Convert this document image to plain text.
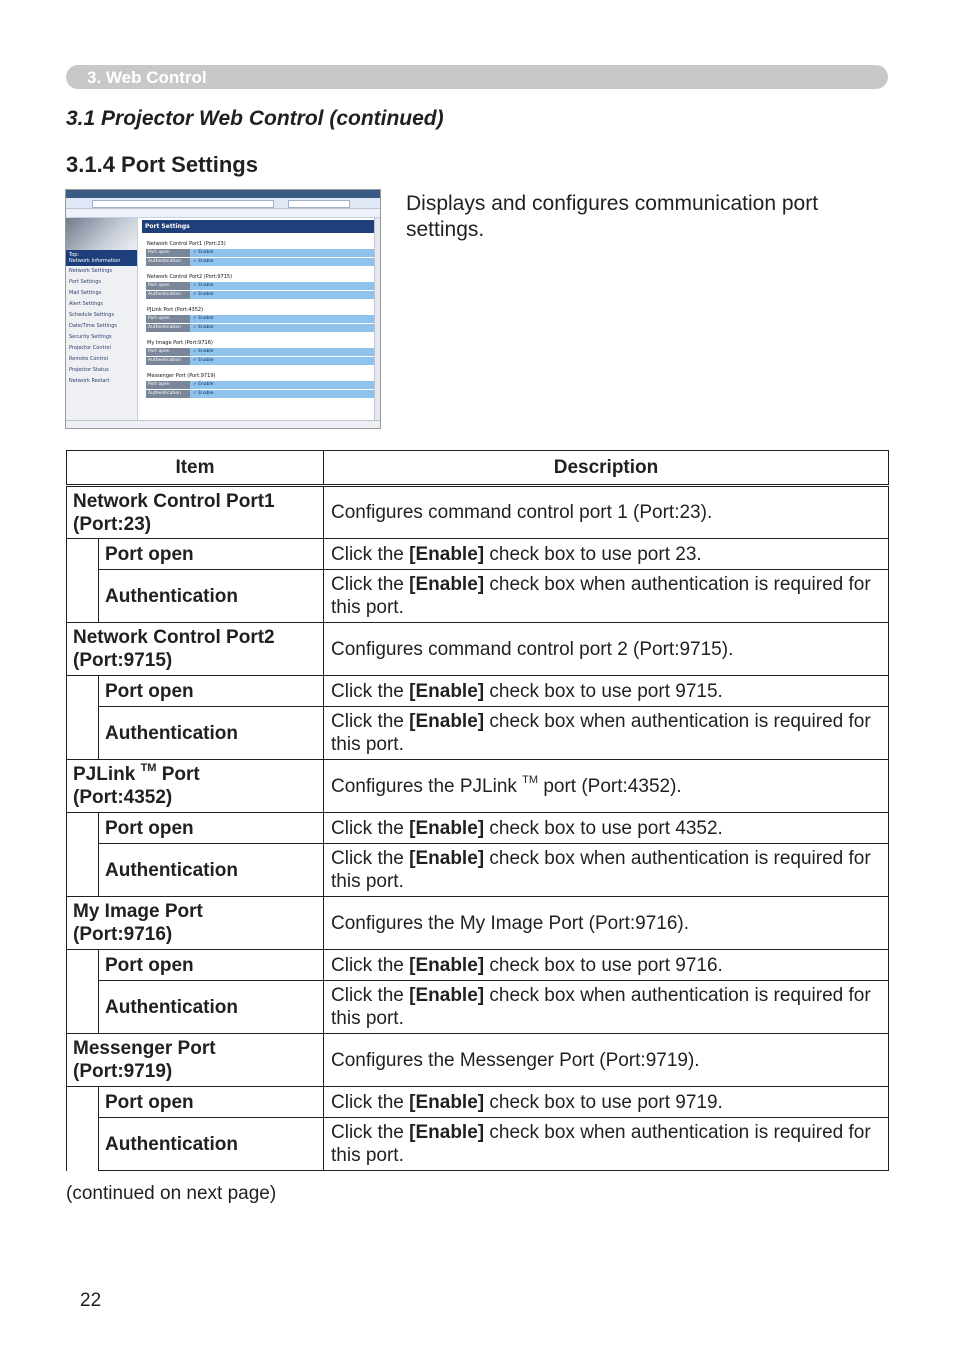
3. Web Control
3.1 Projector Web Control (continued)
3.1.4 Port Settings
Top:
Network Information
Network Settings
Port Settings
Mail Settings
Alert Settings
Schedule Settings
Date/Time Settings
Security Settings
Projector Control
Remote Control
Projector Status
Network Restart
Port Settings
Network Control Port1 (Port:23)
Port open	✓ Enable
Authentication	✓ Enable
Network Control Port2 (Port:9715)
Port open	✓ Enable
Authentication	✓ Enable
PJLink Port (Port:4352)
Port open	✓ Enable
Authentication	✓ Enable
My Image Port (Port:9716)
Port open	✓ Enable
Authentication	✓ Enable
Messenger Port (Port:9719)
Port open	✓ Enable
Authentication	✓ Enable
Displays and configures communication port settings.
Item		Description

Network Control Port1
(Port:23)		Configures command control port 1 (Port:23).
	Port open	Click the [Enable] check box to use port 23.
	Authentication	Click the [Enable] check box when authentication is required for this port.

Network Control Port2
(Port:9715)		Configures command control port 2 (Port:9715).
	Port open	Click the [Enable] check box to use port 9715.
	Authentication	Click the [Enable] check box when authentication is required for this port.

PJLink ™ Port
(Port:4352)		Configures the PJLink ™ port (Port:4352).
	Port open	Click the [Enable] check box to use port 4352.
	Authentication	Click the [Enable] check box when authentication is required for this port.

My Image Port
(Port:9716)		Configures the My Image Port (Port:9716).
	Port open	Click the [Enable] check box to use port 9716.
	Authentication	Click the [Enable] check box when authentication is required for this port.

Messenger Port
(Port:9719)		Configures the Messenger Port (Port:9719).
	Port open	Click the [Enable] check box to use port 9719.
	Authentication	Click the [Enable] check box when authentication is required for this port.
(continued on next page)
22
